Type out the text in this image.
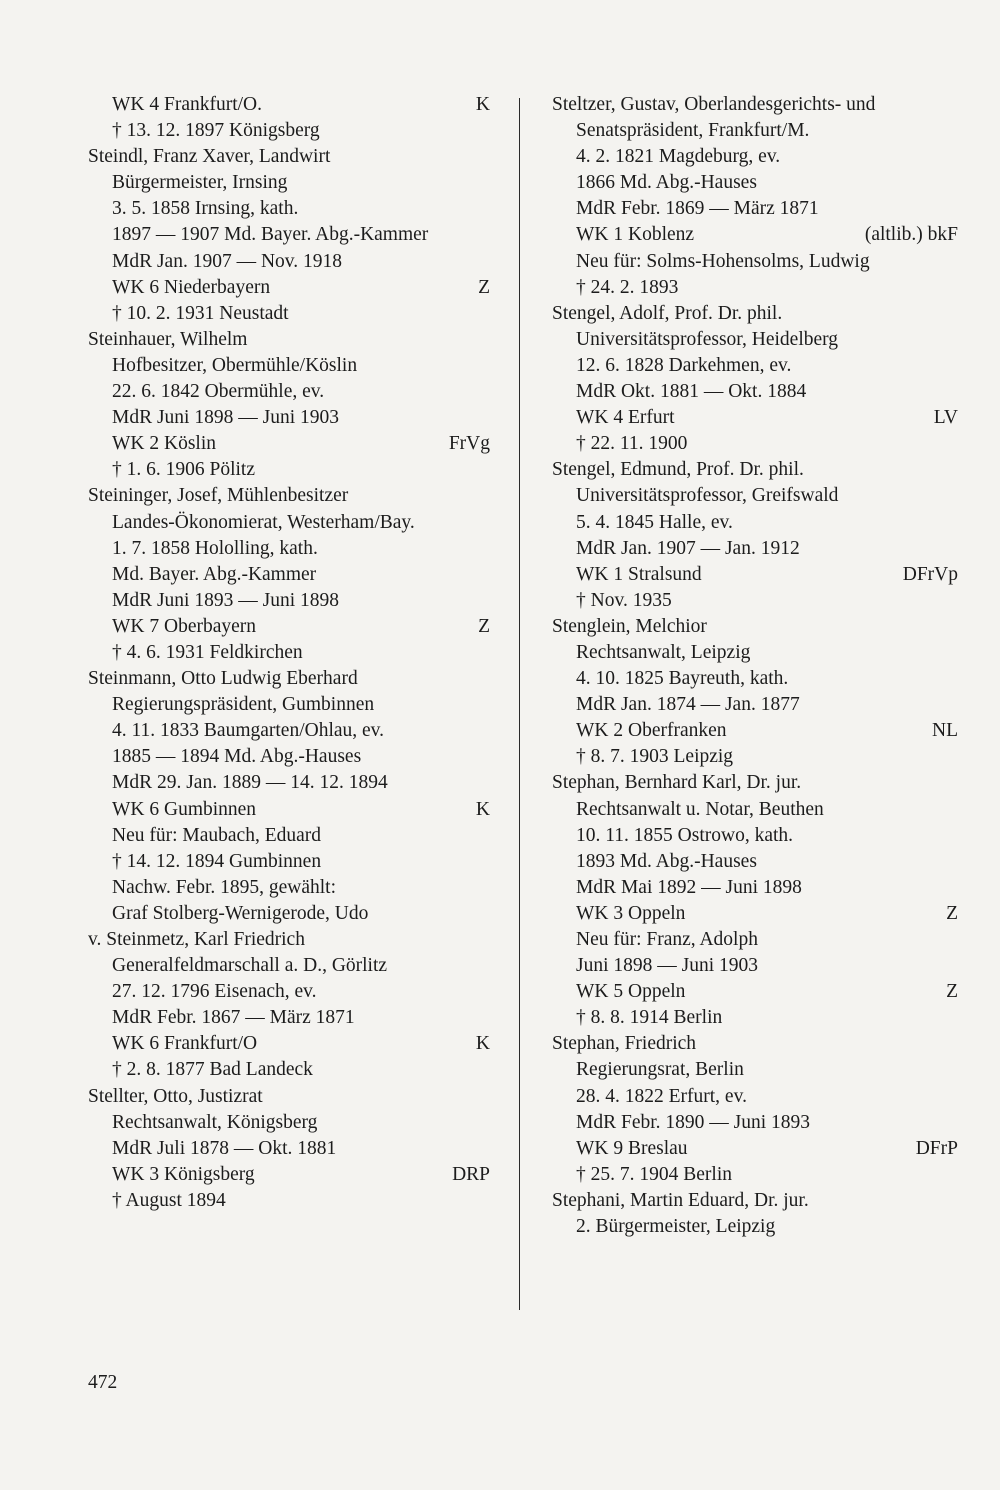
WK 4 Frankfurt/O.	K
† 13. 12. 1897 Königsberg
Steindl, Franz Xaver, Landwirt
Bürgermeister, Irnsing
3. 5. 1858 Irnsing, kath.
1897 — 1907 Md. Bayer. Abg.-Kammer
MdR Jan. 1907 — Nov. 1918
WK 6 Niederbayern	Z
† 10. 2. 1931 Neustadt
Steinhauer, Wilhelm
Hofbesitzer, Obermühle/Köslin
22. 6. 1842 Obermühle, ev.
MdR Juni 1898 — Juni 1903
WK 2 Köslin	FrVg
† 1. 6. 1906 Pölitz
Steininger, Josef, Mühlenbesitzer
Landes-Ökonomierat, Westerham/Bay.
1. 7. 1858 Hololling, kath.
Md. Bayer. Abg.-Kammer
MdR Juni 1893 — Juni 1898
WK 7 Oberbayern	Z
† 4. 6. 1931 Feldkirchen
Steinmann, Otto Ludwig Eberhard
Regierungspräsident, Gumbinnen
4. 11. 1833 Baumgarten/Ohlau, ev.
1885 — 1894 Md. Abg.-Hauses
MdR 29. Jan. 1889 — 14. 12. 1894
WK 6 Gumbinnen	K
Neu für: Maubach, Eduard
† 14. 12. 1894 Gumbinnen
Nachw. Febr. 1895, gewählt:
Graf Stolberg-Wernigerode, Udo
v. Steinmetz, Karl Friedrich
Generalfeldmarschall a. D., Görlitz
27. 12. 1796 Eisenach, ev.
MdR Febr. 1867 — März 1871
WK 6 Frankfurt/O	K
† 2. 8. 1877 Bad Landeck
Stellter, Otto, Justizrat
Rechtsanwalt, Königsberg
MdR Juli 1878 — Okt. 1881
WK 3 Königsberg	DRP
† August 1894
Steltzer, Gustav, Oberlandesgerichts- und
Senatspräsident, Frankfurt/M.
4. 2. 1821 Magdeburg, ev.
1866 Md. Abg.-Hauses
MdR Febr. 1869 — März 1871
WK 1 Koblenz	(altlib.) bkF
Neu für: Solms-Hohensolms, Ludwig
† 24. 2. 1893
Stengel, Adolf, Prof. Dr. phil.
Universitätsprofessor, Heidelberg
12. 6. 1828 Darkehmen, ev.
MdR Okt. 1881 — Okt. 1884
WK 4 Erfurt	LV
† 22. 11. 1900
Stengel, Edmund, Prof. Dr. phil.
Universitätsprofessor, Greifswald
5. 4. 1845 Halle, ev.
MdR Jan. 1907 — Jan. 1912
WK 1 Stralsund	DFrVp
† Nov. 1935
Stenglein, Melchior
Rechtsanwalt, Leipzig
4. 10. 1825 Bayreuth, kath.
MdR Jan. 1874 — Jan. 1877
WK 2 Oberfranken	NL
† 8. 7. 1903 Leipzig
Stephan, Bernhard Karl, Dr. jur.
Rechtsanwalt u. Notar, Beuthen
10. 11. 1855 Ostrowo, kath.
1893 Md. Abg.-Hauses
MdR Mai 1892 — Juni 1898
WK 3 Oppeln	Z
Neu für: Franz, Adolph
Juni 1898 — Juni 1903
WK 5 Oppeln	Z
† 8. 8. 1914 Berlin
Stephan, Friedrich
Regierungsrat, Berlin
28. 4. 1822 Erfurt, ev.
MdR Febr. 1890 — Juni 1893
WK 9 Breslau	DFrP
† 25. 7. 1904 Berlin
Stephani, Martin Eduard, Dr. jur.
2. Bürgermeister, Leipzig
472
